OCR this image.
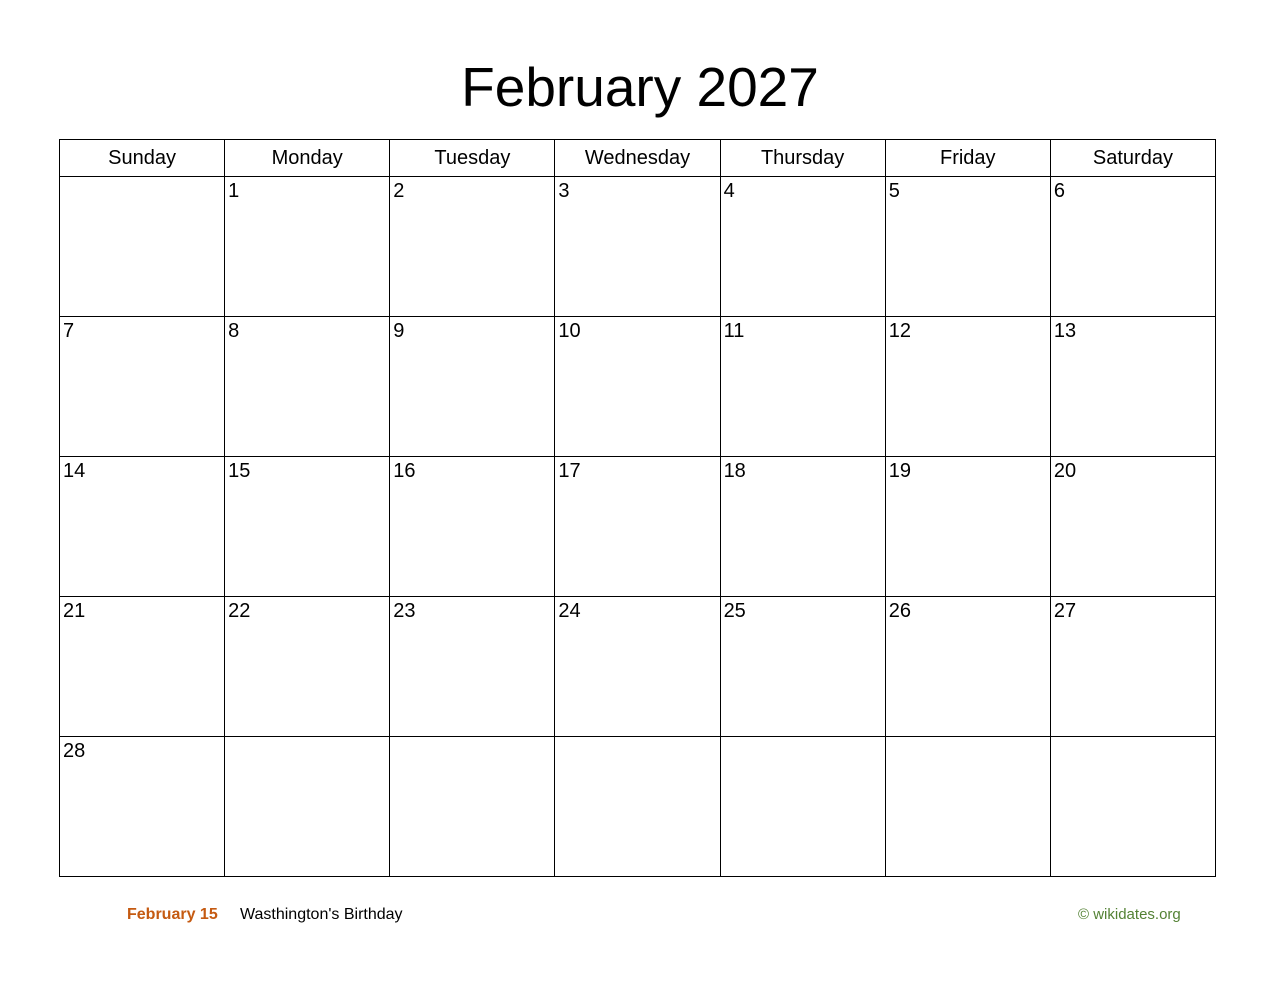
February 2027
Sunday	Monday	Tuesday	Wednesday	Thursday	Friday	Saturday
	1	2	3	4	5	6
7	8	9	10	11	12	13
14	15	16	17	18	19	20
21	22	23	24	25	26	27
28						
February 15 Wasthington's Birthday	© wikidates.org
